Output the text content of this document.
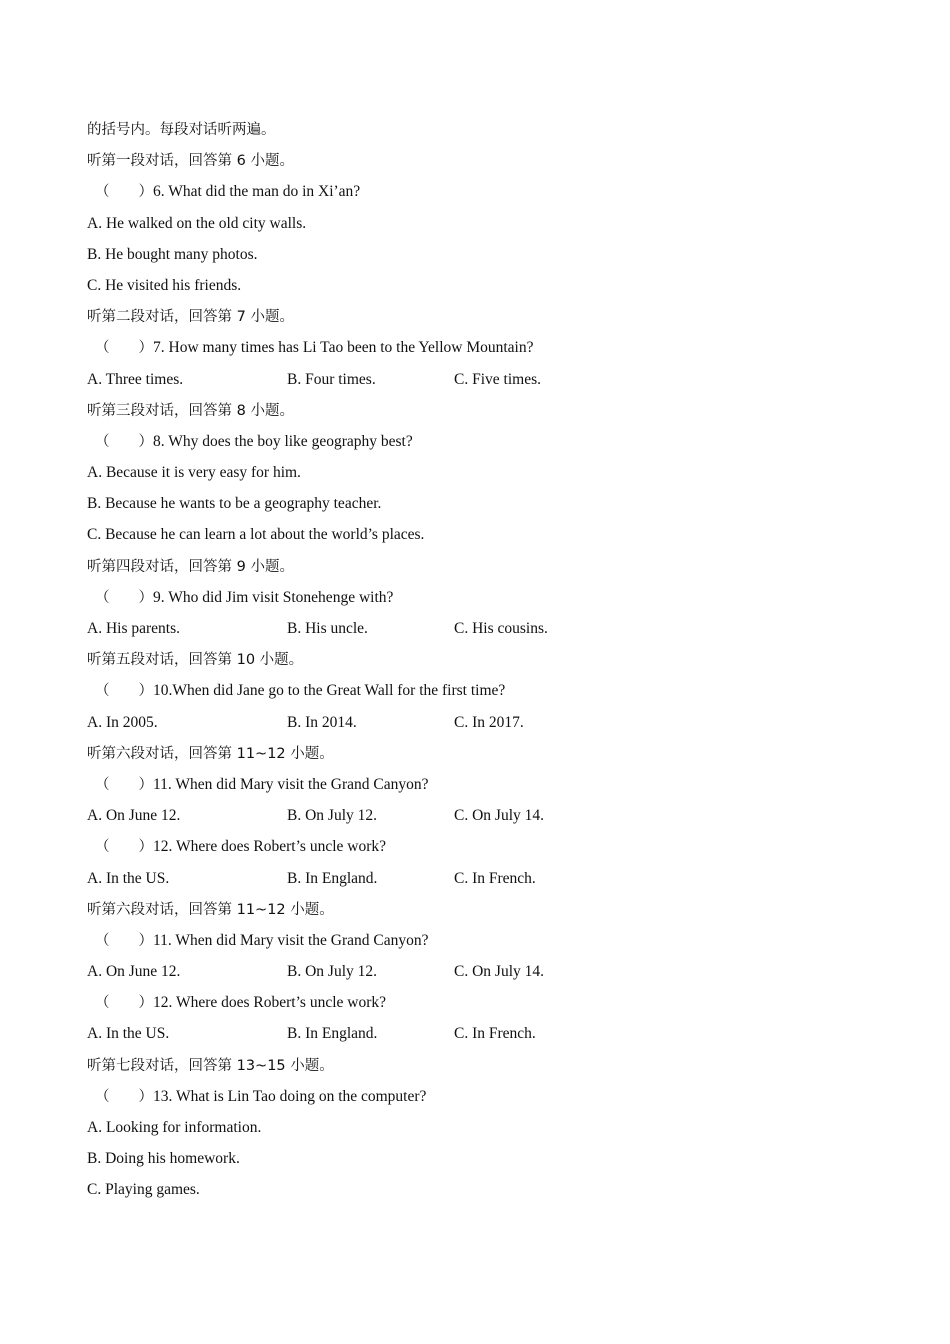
的括号内。每段对话听两遍。
听第一段对话，回答第 6 小题。
（　　）6. What did the man do in Xi’an?
A. He walked on the old city walls.
B. He bought many photos.
C. He visited his friends.
听第二段对话，回答第 7 小题。
（　　）7. How many times has Li Tao been to the Yellow Mountain?
A. Three times.	B. Four times.	C. Five times.
听第三段对话，回答第 8 小题。
（　　）8. Why does the boy like geography best?
A. Because it is very easy for him.
B. Because he wants to be a geography teacher.
C. Because he can learn a lot about the world’s places.
听第四段对话，回答第 9 小题。
（　　）9. Who did Jim visit Stonehenge with?
A. His parents.	B. His uncle.	C. His cousins.
听第五段对话，回答第 10 小题。
（　　）10.When did Jane go to the Great Wall for the first time?
A. In 2005.	B. In 2014.	C. In 2017.
听第六段对话，回答第 11~12 小题。
（　　）11. When did Mary visit the Grand Canyon?
A. On June 12.	B. On July 12.	C. On July 14.
（　　）12. Where does Robert’s uncle work?
A. In the US.	B. In England.	C. In French.
听第六段对话，回答第 11~12 小题。
（　　）11. When did Mary visit the Grand Canyon?
A. On June 12.	B. On July 12.	C. On July 14.
（　　）12. Where does Robert’s uncle work?
A. In the US.	B. In England.	C. In French.
听第七段对话，回答第 13~15 小题。
（　　）13. What is Lin Tao doing on the computer?
A. Looking for information.
B. Doing his homework.
C. Playing games.
